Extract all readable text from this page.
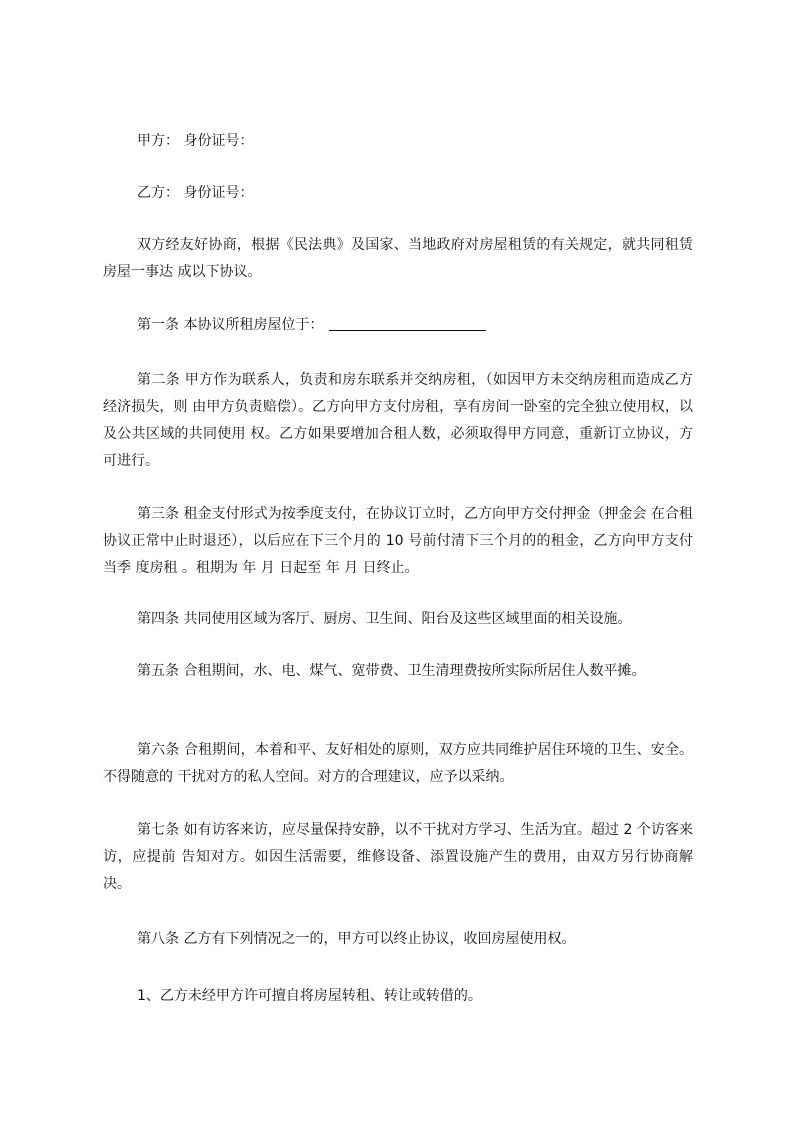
甲方： 身份证号：

乙方： 身份证号：

双方经友好协商，根据《民法典》及国家、当地政府对房屋租赁的有关规定，就共同租赁房屋一事达 成以下协议。

第一条 本协议所租房屋位于：

第二条 甲方作为联系人，负责和房东联系并交纳房租，（如因甲方未交纳房租而造成乙方经济损失，则 由甲方负责赔偿）。乙方向甲方支付房租，享有房间一卧室的完全独立使用权，以及公共区域的共同使用 权。乙方如果要增加合租人数，必须取得甲方同意，重新订立协议，方可进行。

第三条 租金支付形式为按季度支付，在协议订立时，乙方向甲方交付押金（押金会 在合租协议正常中止时退还），以后应在下三个月的 10 号前付清下三个月的的租金，乙方向甲方支付当季 度房租 。租期为 年 月 日起至 年 月 日终止。

第四条 共同使用区域为客厅、厨房、卫生间、阳台及这些区域里面的相关设施。

第五条 合租期间，水、电、煤气、宽带费、卫生清理费按所实际所居住人数平摊。

第六条 合租期间，本着和平、友好相处的原则，双方应共同维护居住环境的卫生、安全。不得随意的 干扰对方的私人空间。对方的合理建议，应予以采纳。

第七条 如有访客来访，应尽量保持安静，以不干扰对方学习、生活为宜。超过 2 个访客来访，应提前 告知对方。如因生活需要，维修设备、添置设施产生的费用，由双方另行协商解决。

第八条 乙方有下列情况之一的，甲方可以终止协议，收回房屋使用权。

1、乙方未经甲方许可擅自将房屋转租、转让或转借的。
